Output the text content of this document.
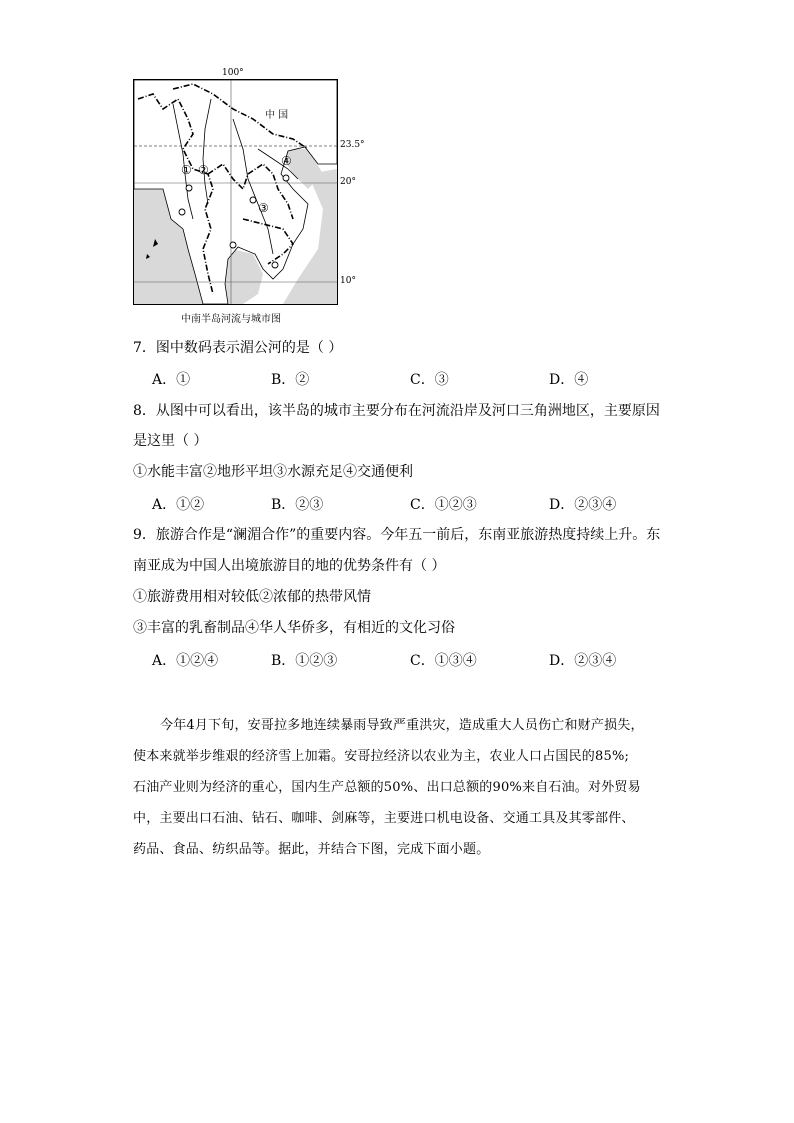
100°
中 国
23.5°
20°
10°
① ②
③
④
中南半岛河流与城市图
7．图中数码表示湄公河的是（ ）
A．①	B．②	C．③	D．④
8．从图中可以看出，该半岛的城市主要分布在河流沿岸及河口三角洲地区，主要原因
是这里（ ）
①水能丰富②地形平坦③水源充足④交通便利
A．①②	B．②③	C．①②③	D．②③④
9．旅游合作是“澜湄合作”的重要内容。今年五一前后，东南亚旅游热度持续上升。东
南亚成为中国人出境旅游目的地的优势条件有（ ）
①旅游费用相对较低②浓郁的热带风情
③丰富的乳畜制品④华人华侨多，有相近的文化习俗
A．①②④	B．①②③	C．①③④	D．②③④
今年4月下旬，安哥拉多地连续暴雨导致严重洪灾，造成重大人员伤亡和财产损失，
使本来就举步维艰的经济雪上加霜。安哥拉经济以农业为主，农业人口占国民的85%;
石油产业则为经济的重心，国内生产总额的50%、出口总额的90%来自石油。对外贸易
中，主要出口石油、钻石、咖啡、剑麻等，主要进口机电设备、交通工具及其零部件、
药品、食品、纺织品等。据此，并结合下图，完成下面小题。
